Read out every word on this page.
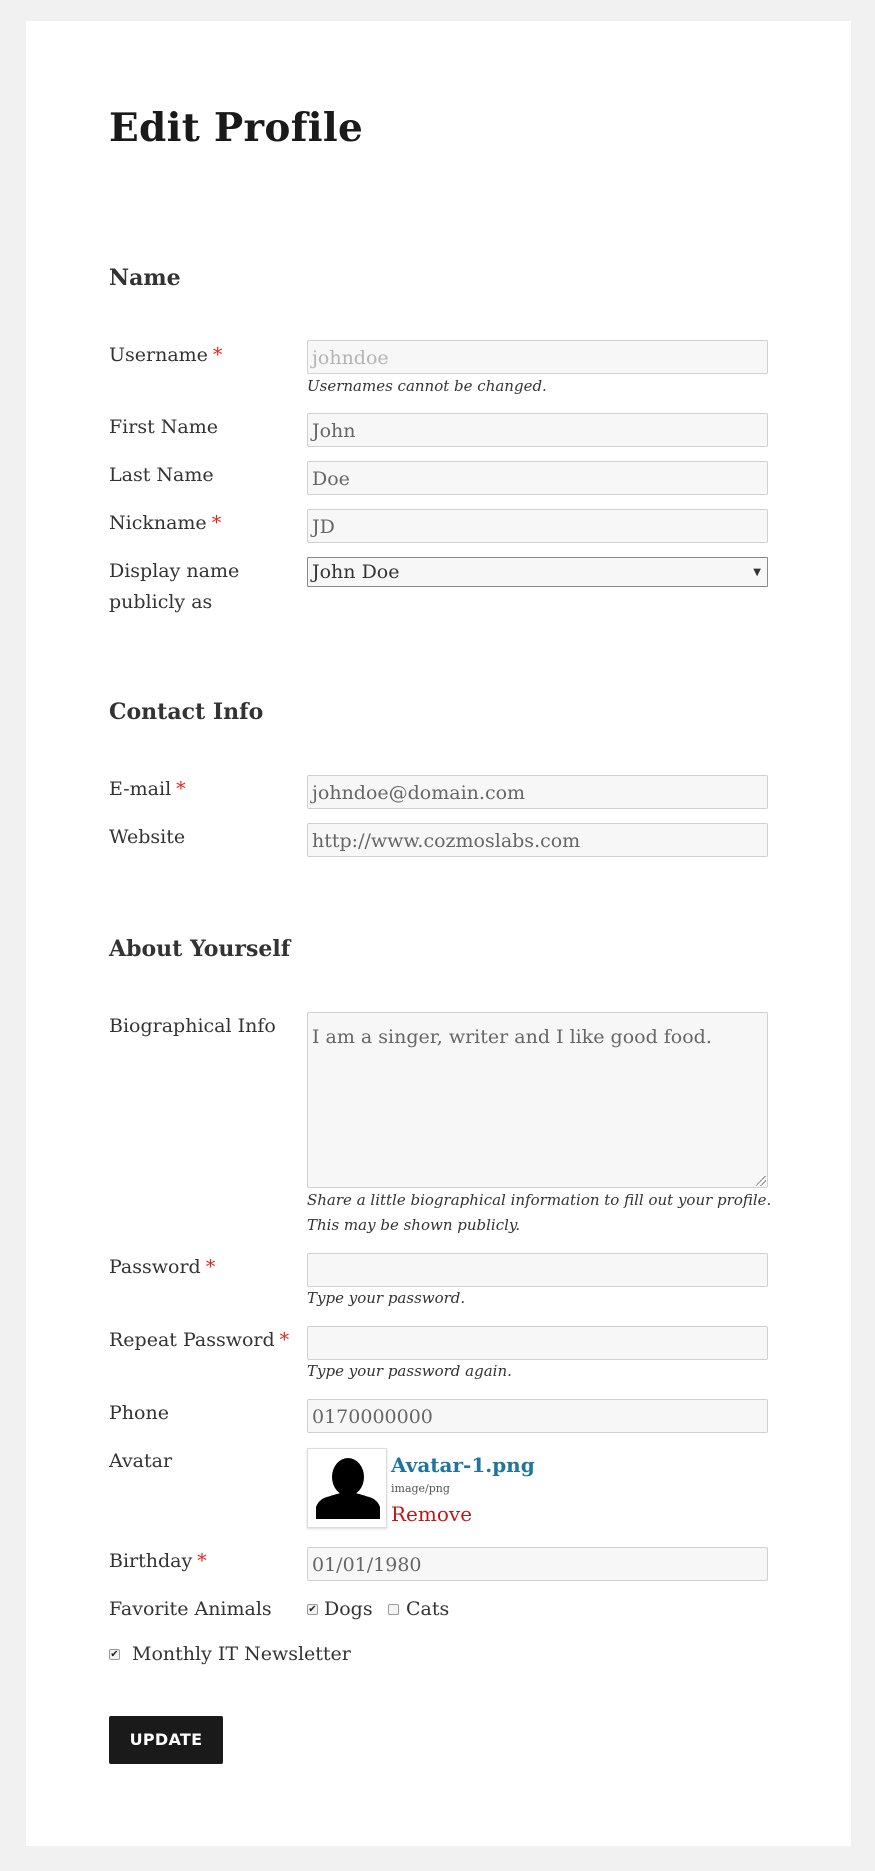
Edit Profile
Name
Username *	johndoe
Usernames cannot be changed.
First Name	John
Last Name	Doe
Nickname *	JD
Display name
publicly as
John Doe	▼
Contact Info
E-mail *	johndoe@domain.com
Website	http://www.cozmoslabs.com
About Yourself
Biographical Info	I am a singer, writer and I like good food.
Share a little biographical information to fill out your profile.
This may be shown publicly.
Password *
Type your password.
Repeat Password *
Type your password again.
Phone	0170000000
Avatar	Avatar-1.png
image/png
Remove
Birthday *	01/01/1980
Favorite Animals	✔ Dogs Cats
✔ Monthly IT Newsletter
UPDATE
